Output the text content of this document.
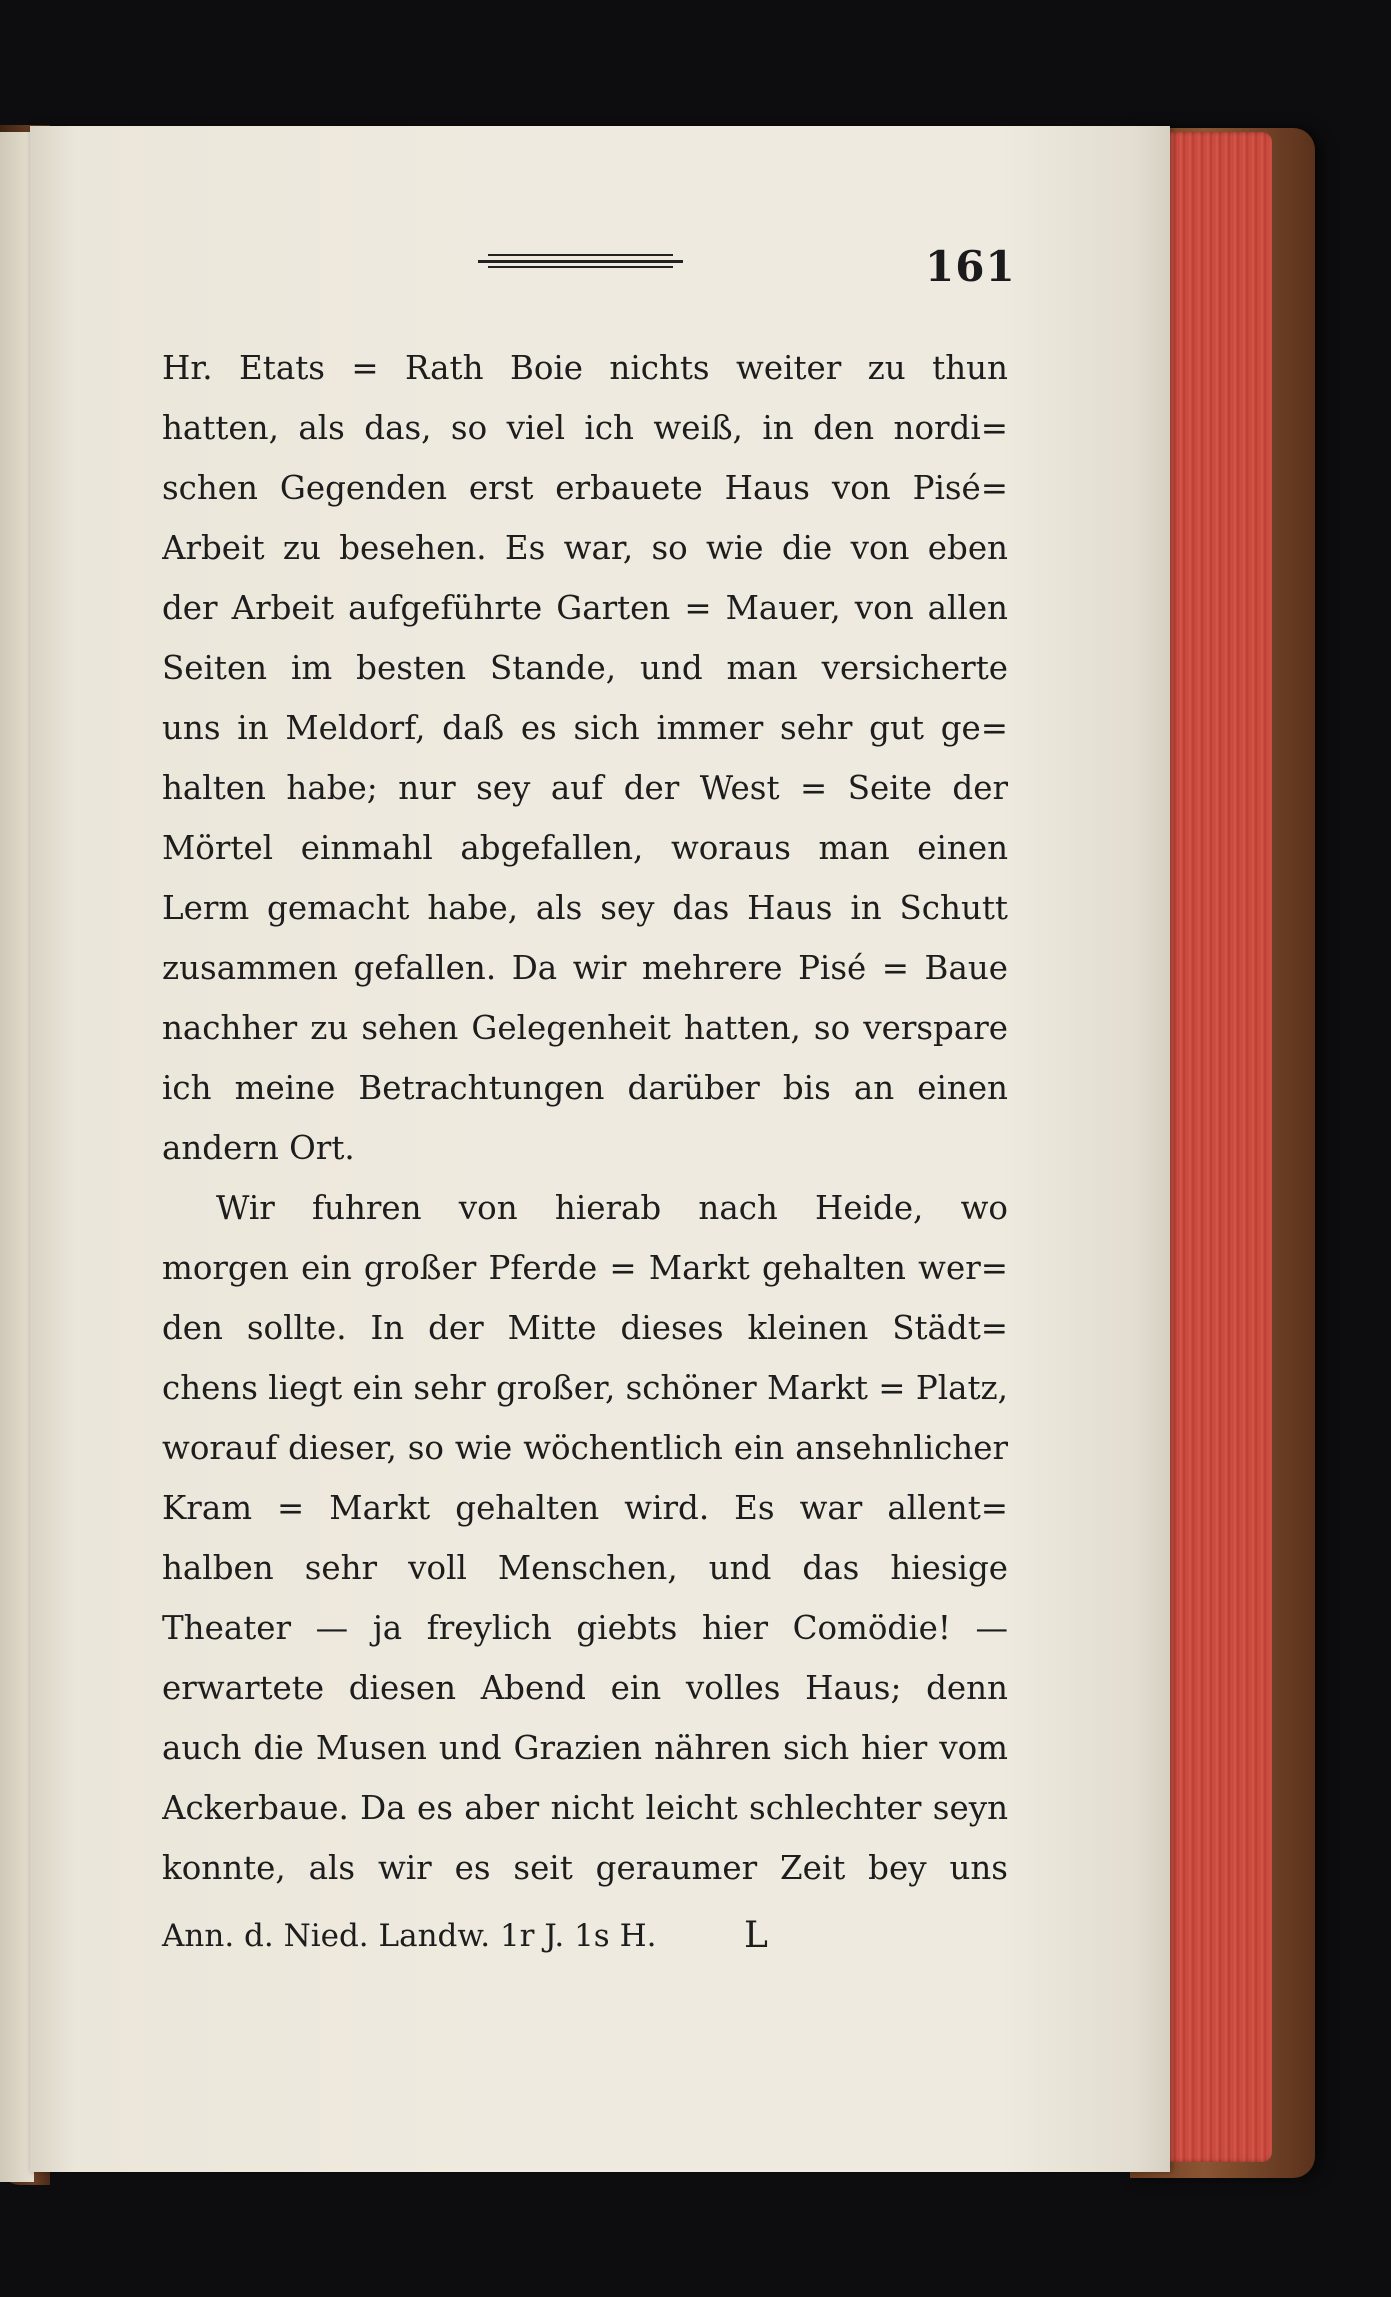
161
Hr. Etats = Rath Boie nichts weiter zu thun
hatten, als das, so viel ich weiß, in den nordi=
schen Gegenden erst erbauete Haus von Pisé=
Arbeit zu besehen. Es war, so wie die von eben
der Arbeit aufgeführte Garten = Mauer, von allen
Seiten im besten Stande, und man versicherte
uns in Meldorf, daß es sich immer sehr gut ge=
halten habe; nur sey auf der West = Seite der
Mörtel einmahl abgefallen, woraus man einen
Lerm gemacht habe, als sey das Haus in Schutt
zusammen gefallen. Da wir mehrere Pisé = Baue
nachher zu sehen Gelegenheit hatten, so verspare
ich meine Betrachtungen darüber bis an einen
andern Ort.
Wir fuhren von hierab nach Heide, wo
morgen ein großer Pferde = Markt gehalten wer=
den sollte. In der Mitte dieses kleinen Städt=
chens liegt ein sehr großer, schöner Markt = Platz,
worauf dieser, so wie wöchentlich ein ansehnlicher
Kram = Markt gehalten wird. Es war allent=
halben sehr voll Menschen, und das hiesige
Theater — ja freylich giebts hier Comödie! —
erwartete diesen Abend ein volles Haus; denn
auch die Musen und Grazien nähren sich hier vom
Ackerbaue. Da es aber nicht leicht schlechter seyn
konnte, als wir es seit geraumer Zeit bey uns
Ann. d. Nied. Landw. 1r J. 1s H. L
